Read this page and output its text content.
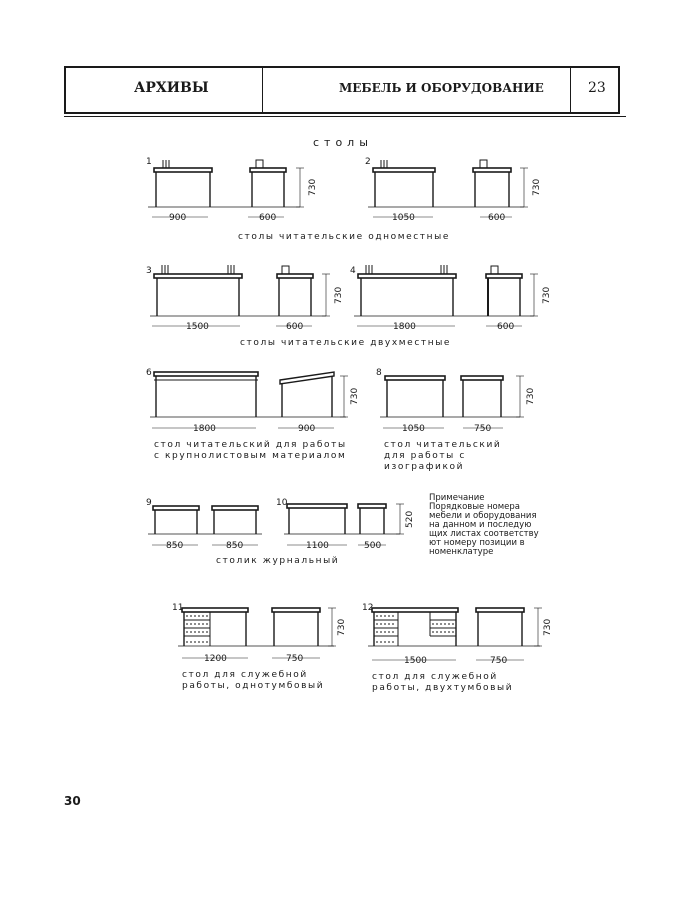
АРХИВЫ	МЕБЕЛЬ И ОБОРУДОВАНИЕ	23
столы
1	2
3	4
6	8
9	10
11	12
900	600	1050	600
1500	600	1800	600
1800	900	1050	750
850	850	1100	500
1200	750	1500	750
730	730
730	730
730	730
520
730	730
столы читательские одноместные
столы читательские двухместные
стол читательский для работы
с крупнолистовым материалом
стол читательский
для работы с
изографикой
столик журнальный
стол для служебной
работы, однотумбовый
стол для служебной
работы, двухтумбовый
Примечание
Порядковые номера
мебели и оборудования
на данном и последую
щих листах соответству
ют номеру позиции в
номенклатуре
30
